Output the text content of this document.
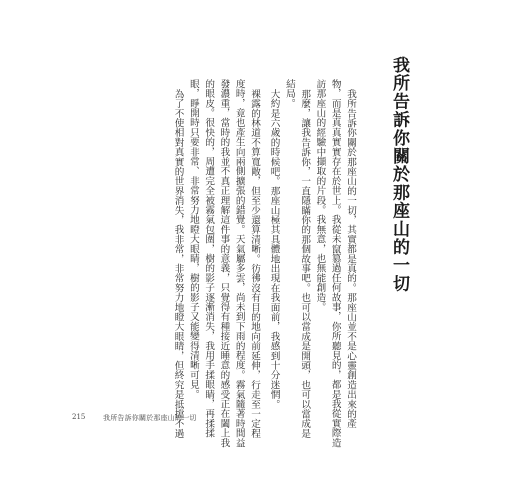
我所告訴你關於那座山的一切
我所告訴你關於那座山的一切，其實都是真的。那座山並不是心靈創造出來的產
物，而是真真實實存在於世上。我從未竄篡過任何故事，你所聽見的，都是我從實際造
訪那座山的經驗中擷取的片段。我無意，也無能創造。
那麼，讓我告訴你，一直隱瞞你的那個故事吧。也可以當成是開頭，也可以當成是
結局。
大約是六歲的時候吧。那座山極其具體地出現在我面前，我感到十分迷惘。
裸露的林道不算寬敞，但至少還算清晰。彷彿沒有目的地向前延伸，行走至一定程
度時，竟也產生向兩側擴張的錯覺。天氣屬多雲，尚未到下雨的程度。霧氣隨著時間益
發濃重，當時的我並不真正理解這件事的意義，只覺得有種接近睡意的感受正在闔上我
的眼皮。很快的，周遭完全被霧氣包圍，樹的影子逐漸消失，我用手揉眼睛，再揉揉
眼，睜開時只要非常、非常努力地瞪大眼睛，樹的影子又能變得清晰可見。
為了不使相對真實的世界消失，我非常，非常努力地瞪大眼睛，但終究是抵擋不過
215	我所告訴你關於那座山的一切
